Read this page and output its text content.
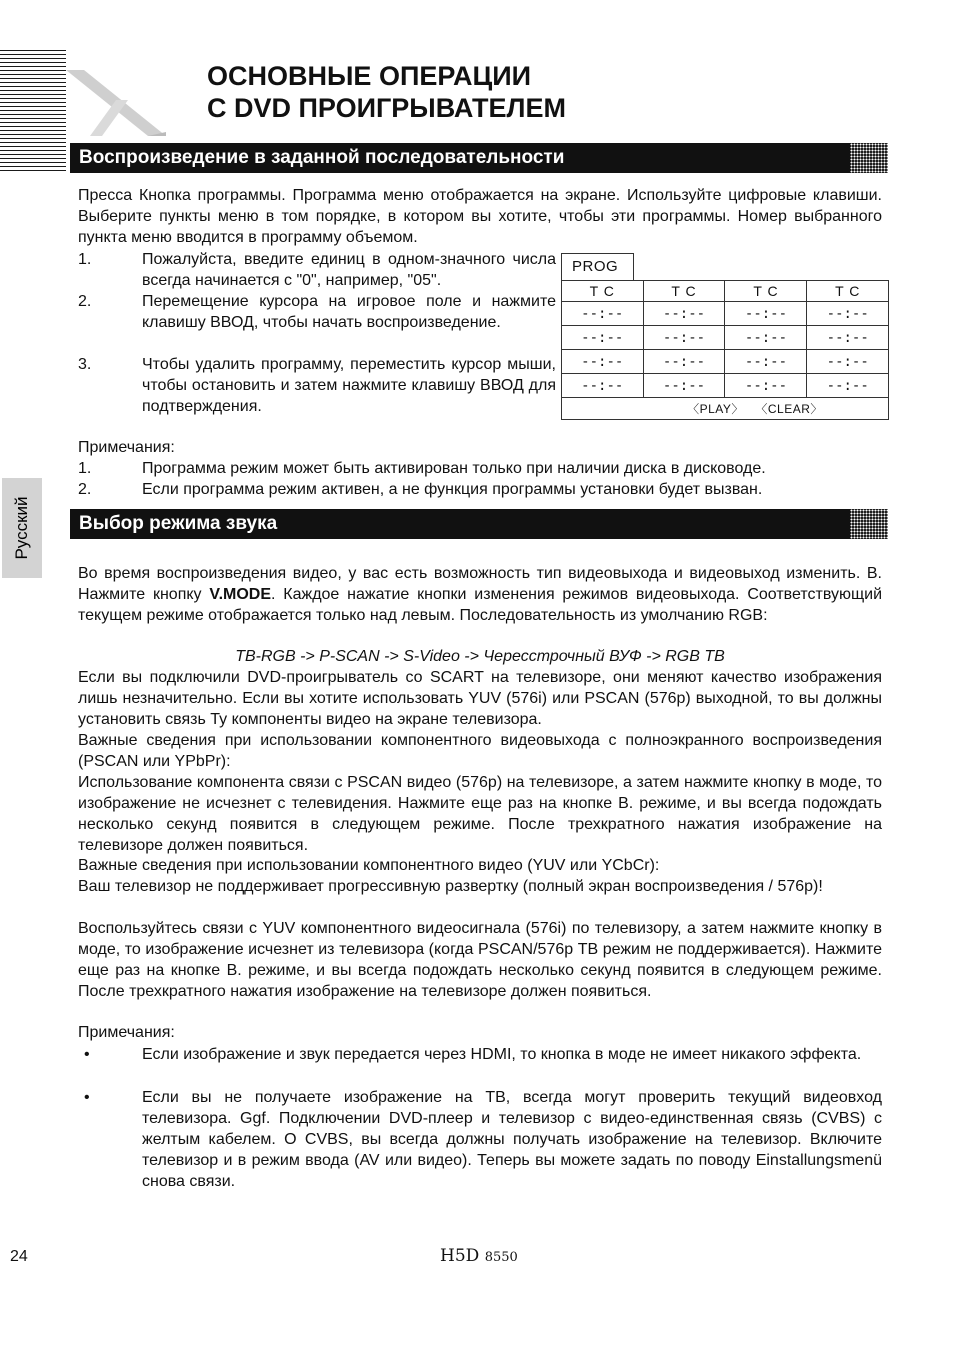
ОСНОВНЫЕ ОПЕРАЦИИ
С DVD ПРОИГРЫВАТЕЛЕМ
Русский
Воспроизведение в заданной последовательности
Пресса Кнопка программы. Программа меню отображается на экране. Используйте цифровые клавиши. Выберите пункты меню в том порядке, в котором вы хотите, чтобы эти программы. Номер выбранного пункта меню вводится в программу объемом.
1.	Пожалуйста, введите единиц в одном-значного числа всегда начинается с "0", например, "05".
2.	Перемещение курсора на игровое поле и нажмите клавишу ВВОД, чтобы начать воспроизведение.
3.	Чтобы удалить программу, переместить курсор мыши, чтобы остановить и затем нажмите клавишу ВВОД для подтверждения.
PROG
T C	T C	T C	T C
--:--	--:--	--:--	--:--
--:--	--:--	--:--	--:--
--:--	--:--	--:--	--:--
--:--	--:--	--:--	--:--
〈PLAY〉 〈CLEAR〉
Примечания:
1.	Программа режим может быть активирован только при наличии диска в дисководе.
2.	Если программа режим активен, а не функция программы установки будет вызван.
Выбор режима звука
Во время воспроизведения видео, у вас есть возможность тип видеовыхода и видеовыход изменить. В. Нажмите кнопку V.MODE. Каждое нажатие кнопки изменения режимов видеовыхода. Соответствующий текущем режиме отображается только над левым. Последовательность из умолчанию RGB:
TB-RGB -> P-SCAN -> S-Video -> Чересстрочный ВУФ -> RGB TB
Если вы подключили DVD-проигрыватель со SCART на телевизоре, они меняют качество изображения лишь незначительно. Если вы хотите использовать YUV (576i) или PSCAN (576p) выходной, то вы должны установить связь Ту компоненты видео на экране телевизора.
Важные сведения при использовании компонентного видеовыхода с полноэкранного воспроизведения (PSCAN или YPbPr):
Использование компонента связи с PSCAN видео (576p) на телевизоре, а затем нажмите кнопку в моде, то изображение не исчезнет с телевидения. Нажмите еще раз на кнопке В. режиме, и вы всегда подождать несколько секунд появится в следующем режиме. После трехкратного нажатия изображение на телевизоре должен появиться.
Важные сведения при использовании компонентного видео (YUV или YCbCr):
Ваш телевизор не поддерживает прогрессивную развертку (полный экран воспроизведения / 576p)!
Воспользуйтесь связи с YUV компонентного видеосигнала (576i) по телевизору, а затем нажмите кнопку в моде, то изображение исчезнет из телевизора (когда PSCAN/576p ТВ режим не поддерживается). Нажмите еще раз на кнопке В. режиме, и вы всегда подождать несколько секунд появится в следующем режиме. После трехкратного нажатия изображение на телевизоре должен появиться.
Примечания:
•	Если изображение и звук передается через HDMI, то кнопка в моде не имеет никакого эффекта.
•	Если вы не получаете изображение на ТВ, всегда могут проверить текущий видеовход телевизора. Ggf. Подключении DVD-плеер и телевизор с видео-единственная связь (CVBS) с желтым кабелем. О CVBS, вы всегда должны получать изображение на телевизор. Включите телевизор и в режим ввода (AV или видео). Теперь вы можете задать по поводу Einstallungsmenü снова связи.
24	H5D 8550
